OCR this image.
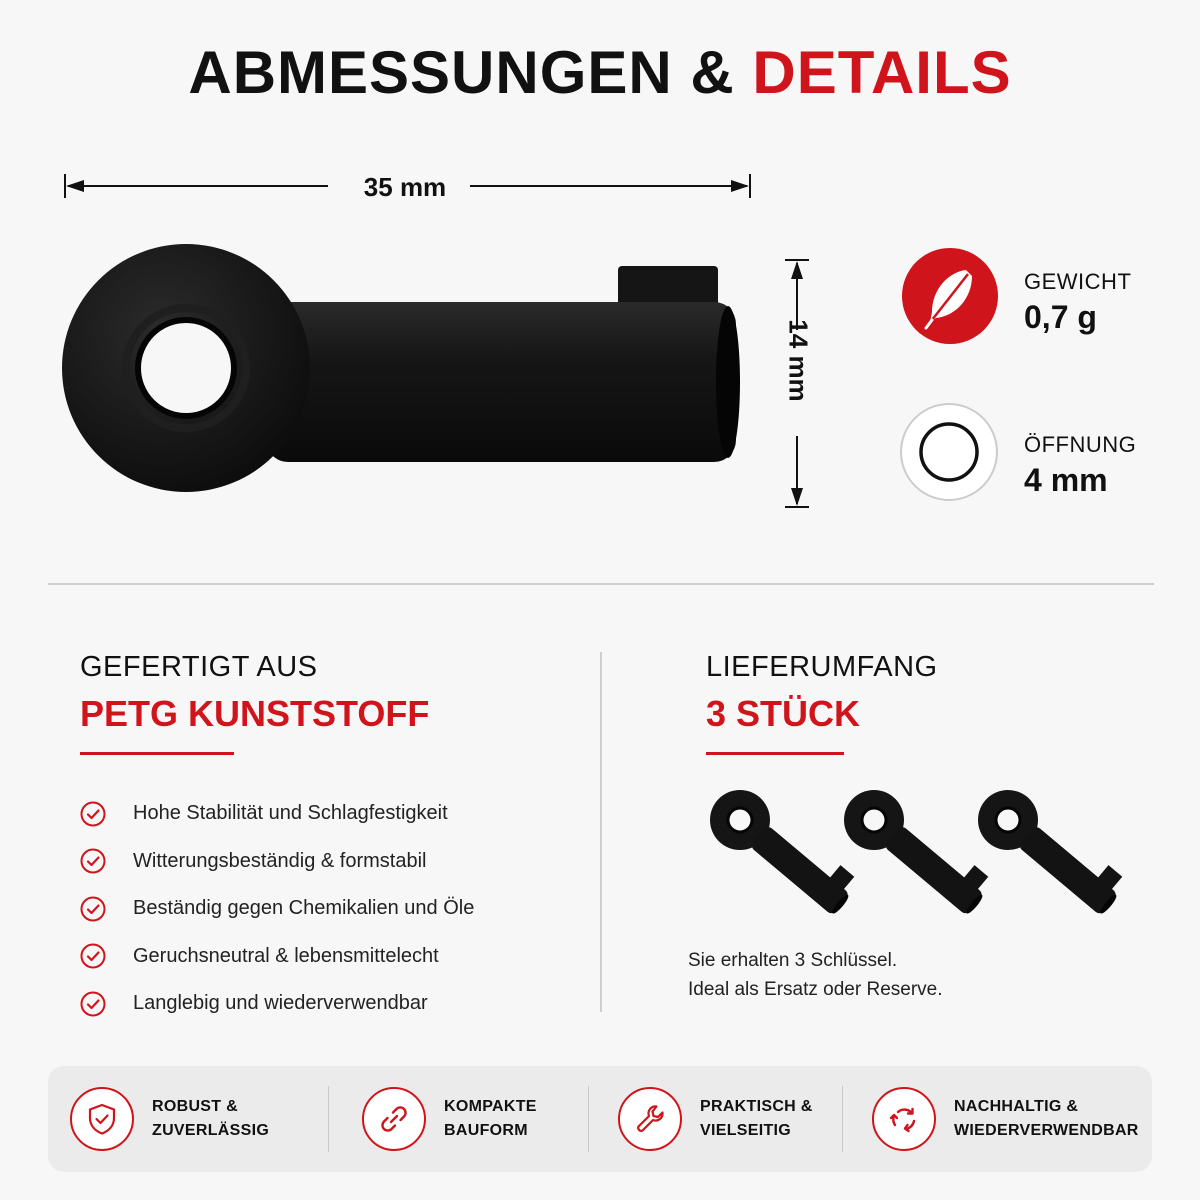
ABMESSUNGEN & DETAILS
35 mm
14 mm
GEWICHT
0,7 g
ÖFFNUNG
4 mm
GEFERTIGT AUS
PETG KUNSTSTOFF
Hohe Stabilität und Schlagfestigkeit
Witterungsbeständig & formstabil
Beständig gegen Chemikalien und Öle
Geruchsneutral & lebensmittelecht
Langlebig und wiederverwendbar
LIEFERUMFANG
3 STÜCK
Sie erhalten 3 Schlüssel.
Ideal als Ersatz oder Reserve.
ROBUST &
ZUVERLÄSSIG
KOMPAKTE
BAUFORM
PRAKTISCH &
VIELSEITIG
NACHHALTIG &
WIEDERVERWENDBAR
